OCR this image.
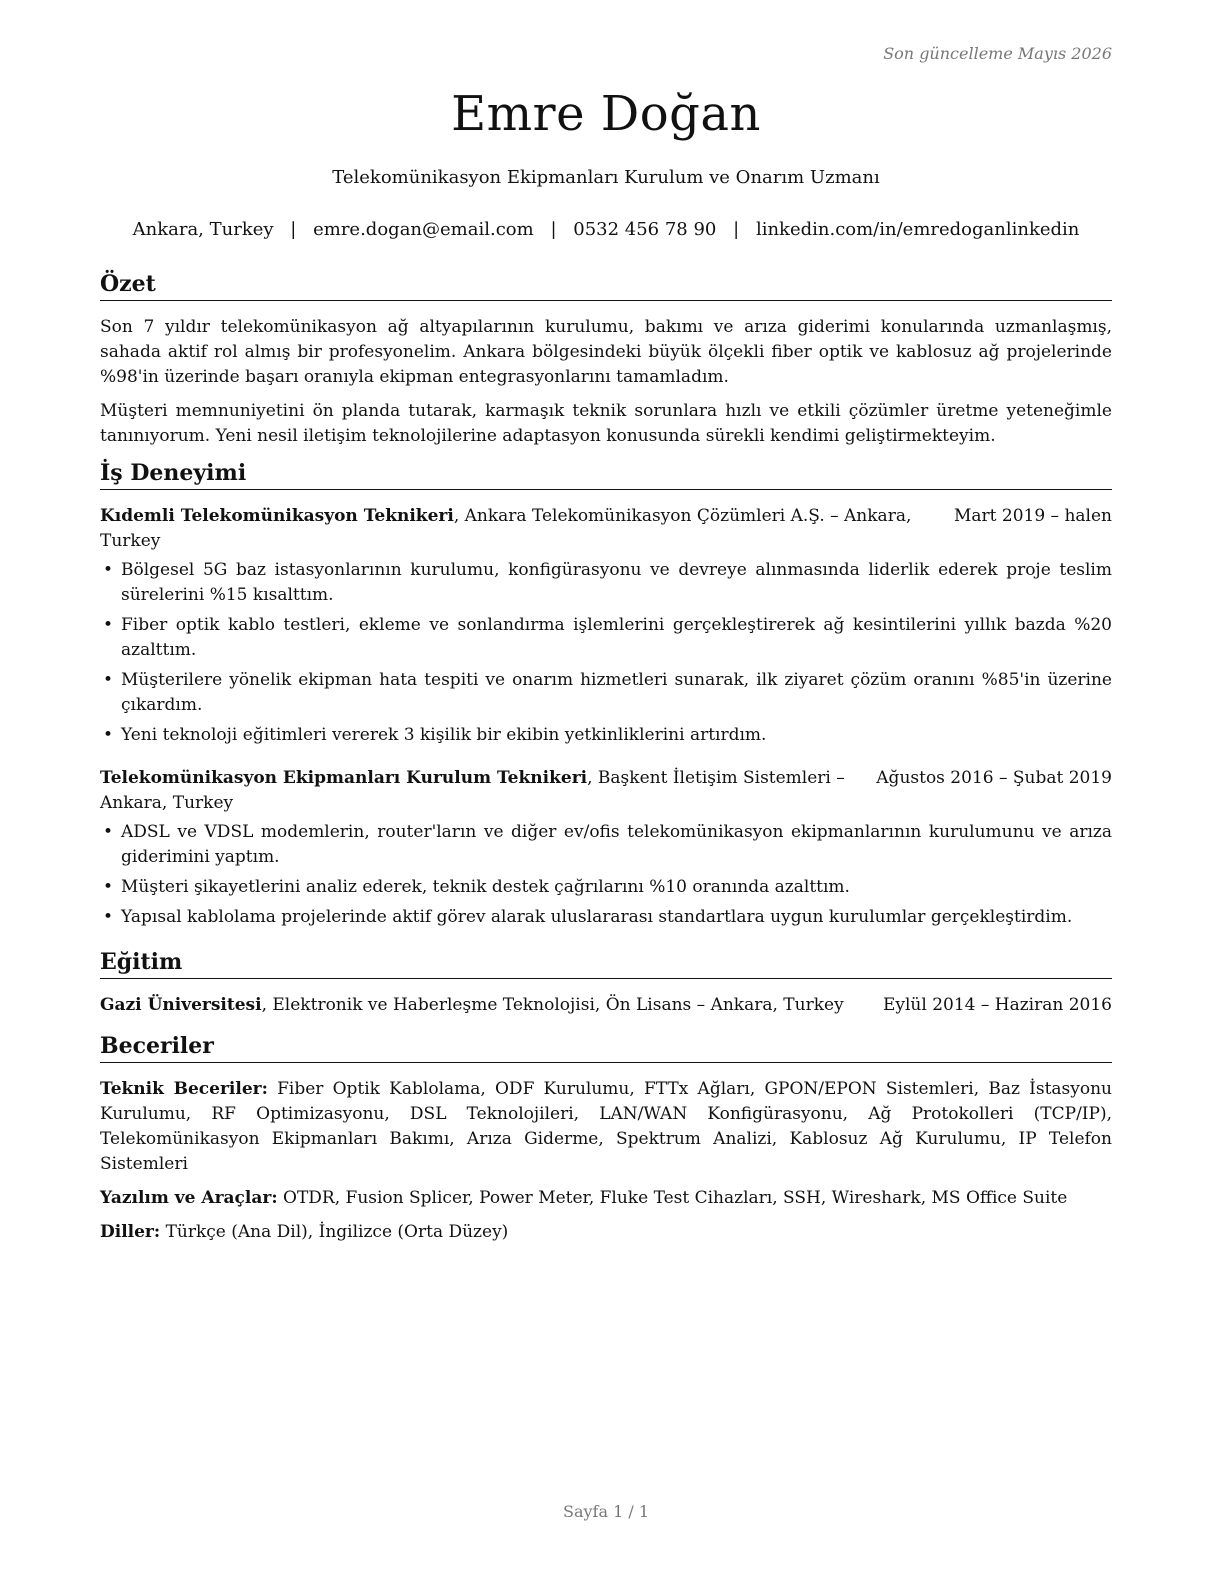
Son güncelleme Mayıs 2026
Emre Doğan
Telekomünikasyon Ekipmanları Kurulum ve Onarım Uzmanı
Ankara, Turkey | emre.dogan@email.com | 0532 456 78 90 | linkedin.com/in/emredoganlinkedin
Özet

Son 7 yıldır telekomünikasyon ağ altyapılarının kurulumu, bakımı ve arıza giderimi konularında uzmanlaşmış, sahada aktif rol almış bir profesyonelim. Ankara bölgesindeki büyük ölçekli fiber optik ve kablosuz ağ projelerinde %98'in üzerinde başarı oranıyla ekipman entegrasyonlarını tamamladım.

Müşteri memnuniyetini ön planda tutarak, karmaşık teknik sorunlara hızlı ve etkili çözümler üretme yeteneğimle tanınıyorum. Yeni nesil iletişim teknolojilerine adaptasyon konusunda sürekli kendimi geliştirmekteyim.

İş Deneyimi
Kıdemli Telekomünikasyon Teknikeri, Ankara Telekomünikasyon Çözümleri A.Ş. – Ankara, Turkey
Mart 2019 – halen
• Bölgesel 5G baz istasyonlarının kurulumu, konfigürasyonu ve devreye alınmasında liderlik ederek proje teslim sürelerini %15 kısalttım.
• Fiber optik kablo testleri, ekleme ve sonlandırma işlemlerini gerçekleştirerek ağ kesintilerini yıllık bazda %20 azalttım.
• Müşterilere yönelik ekipman hata tespiti ve onarım hizmetleri sunarak, ilk ziyaret çözüm oranını %85'in üzerine çıkardım.
• Yeni teknoloji eğitimleri vererek 3 kişilik bir ekibin yetkinliklerini artırdım.
Telekomünikasyon Ekipmanları Kurulum Teknikeri, Başkent İletişim Sistemleri – Ankara, Turkey
Ağustos 2016 – Şubat 2019
• ADSL ve VDSL modemlerin, router'ların ve diğer ev/ofis telekomünikasyon ekipmanlarının kurulumunu ve arıza giderimini yaptım.
• Müşteri şikayetlerini analiz ederek, teknik destek çağrılarını %10 oranında azalttım.
• Yapısal kablolama projelerinde aktif görev alarak uluslararası standartlara uygun kurulumlar gerçekleştirdim.
Eğitim
Gazi Üniversitesi, Elektronik ve Haberleşme Teknolojisi, Ön Lisans – Ankara, Turkey	Eylül 2014 – Haziran 2016
Beceriler

Teknik Beceriler: Fiber Optik Kablolama, ODF Kurulumu, FTTx Ağları, GPON/EPON Sistemleri, Baz İstasyonu Kurulumu, RF Optimizasyonu, DSL Teknolojileri, LAN/WAN Konfigürasyonu, Ağ Protokolleri (TCP/IP), Telekomünikasyon Ekipmanları Bakımı, Arıza Giderme, Spektrum Analizi, Kablosuz Ağ Kurulumu, IP Telefon Sistemleri

Yazılım ve Araçlar: OTDR, Fusion Splicer, Power Meter, Fluke Test Cihazları, SSH, Wireshark, MS Office Suite

Diller: Türkçe (Ana Dil), İngilizce (Orta Düzey)

Sayfa 1 / 1
